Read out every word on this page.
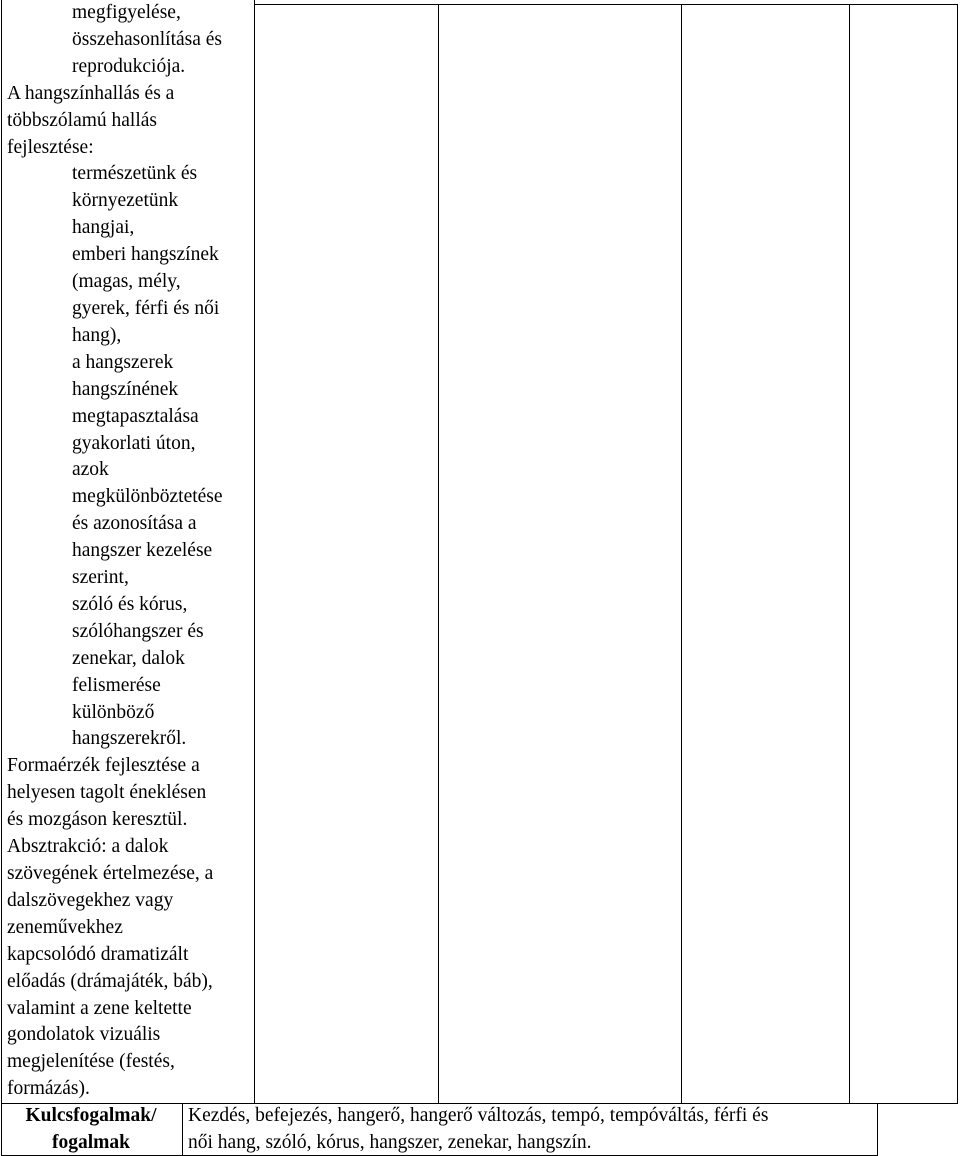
megfigyelése,

összehasonlítása és

reprodukciója.

A hangszínhallás és a

többszólamú hallás

fejlesztése:

természetünk és

környezetünk

hangjai,

emberi hangszínek

(magas, mély,

gyerek, férfi és női

hang),

a hangszerek

hangszínének

megtapasztalása

gyakorlati úton,

azok

megkülönböztetése

és azonosítása a

hangszer kezelése

szerint,

szóló és kórus,

szólóhangszer és

zenekar, dalok

felismerése

különböző

hangszerekről.

Formaérzék fejlesztése a

helyesen tagolt éneklésen

és mozgáson keresztül.

Absztrakció: a dalok

szövegének értelmezése, a

dalszövegekhez vagy

zeneművekhez

kapcsolódó dramatizált

előadás (drámajáték, báb),

valamint a zene keltette

gondolatok vizuális

megjelenítése (festés,

formázás).

Kulcsfogalmak/
fogalmak
Kezdés, befejezés, hangerő, hangerő változás, tempó, tempóváltás, férfi és
női hang, szóló, kórus, hangszer, zenekar, hangszín.
